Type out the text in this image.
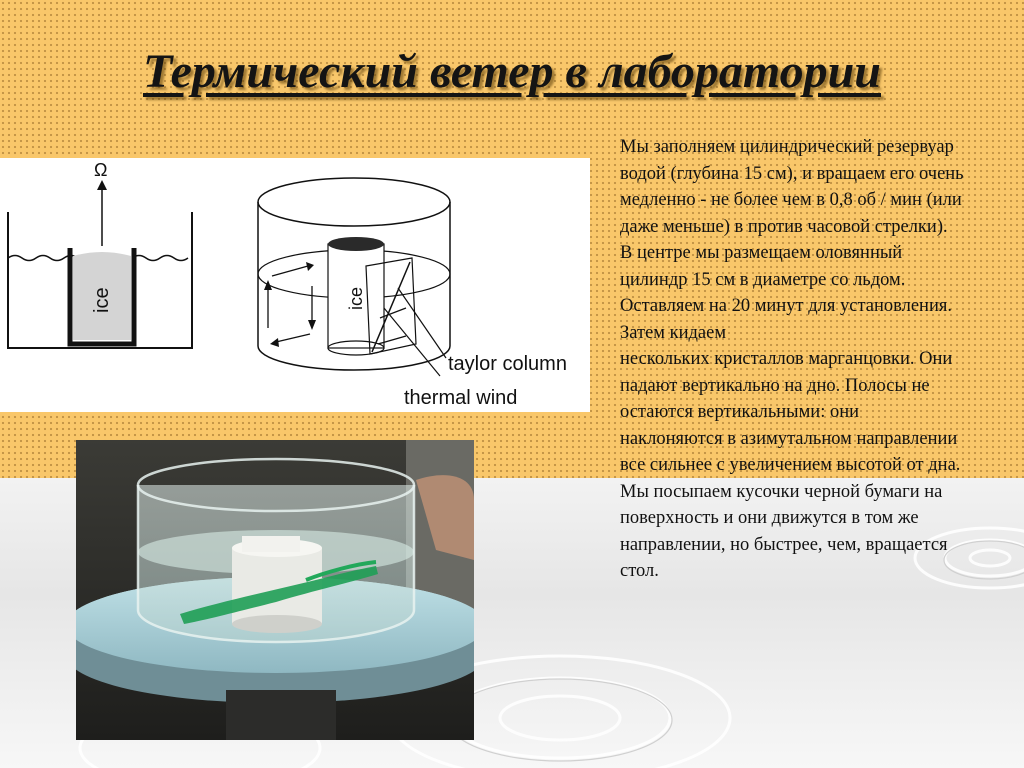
Термический ветер в лаборатории
ice
Ω
ice
taylor column
thermal wind

Мы заполняем цилиндрический резервуар водой (глубина 15 см), и вращаем его очень медленно - не более чем в 0,8 об / мин (или даже меньше) в против часовой стрелки).

В центре мы размещаем оловянный цилиндр 15 см в диаметре со льдом. Оставляем на 20 минут для установления. Затем кидаем

нескольких кристаллов марганцовки. Они падают вертикально на дно. Полосы не остаются вертикальными: они наклоняются в азимутальном направлении все сильнее с увеличением высотой от дна. Мы посыпаем кусочки черной бумаги на поверхность и они движутся в том же направлении, но быстрее, чем, вращается стол.
